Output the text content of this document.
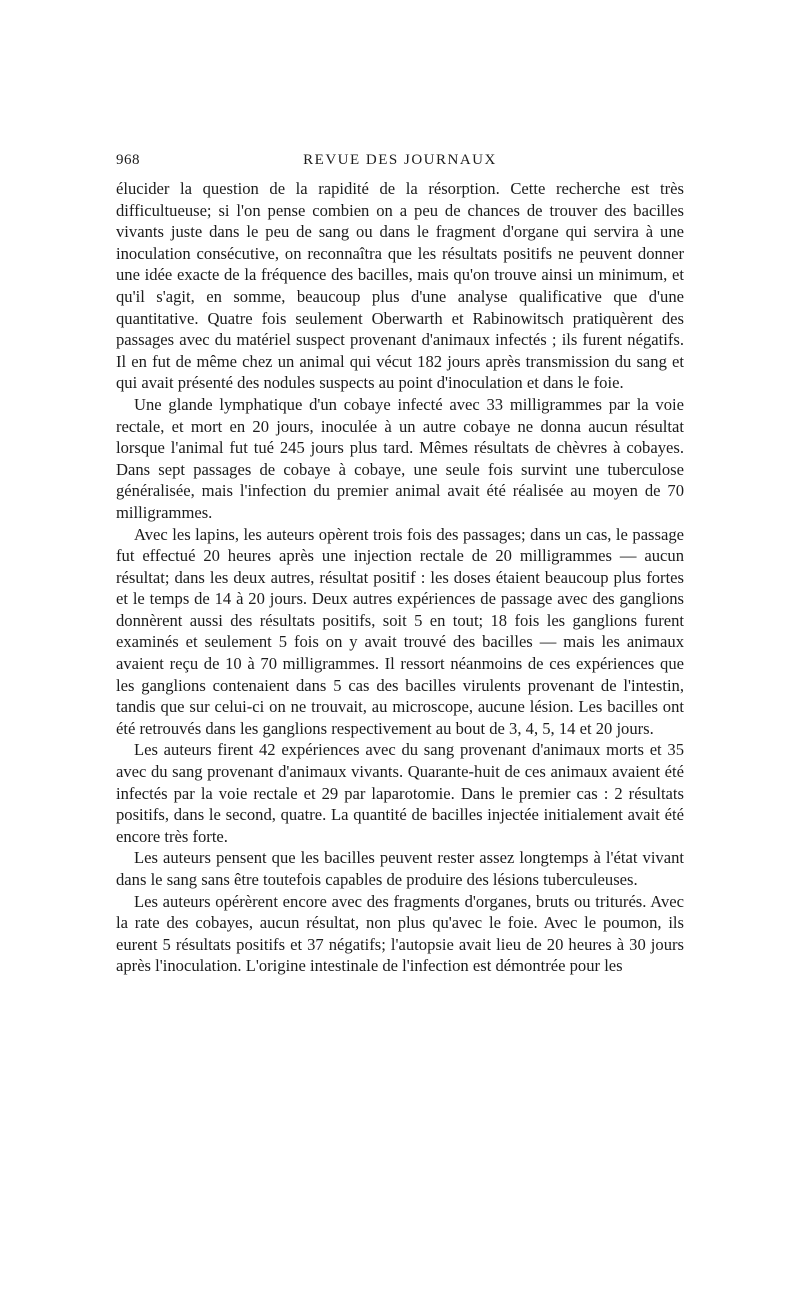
968	REVUE DES JOURNAUX

élucider la question de la rapidité de la résorption. Cette recherche est très difficultueuse; si l'on pense combien on a peu de chances de trouver des bacilles vivants juste dans le peu de sang ou dans le fragment d'organe qui servira à une inoculation consécutive, on reconnaîtra que les résultats positifs ne peuvent donner une idée exacte de la fréquence des bacilles, mais qu'on trouve ainsi un minimum, et qu'il s'agit, en somme, beaucoup plus d'une analyse qualificative que d'une quantitative. Quatre fois seulement Oberwarth et Rabinowitsch pratiquèrent des passages avec du matériel suspect provenant d'animaux infectés ; ils furent négatifs. Il en fut de même chez un animal qui vécut 182 jours après transmission du sang et qui avait présenté des nodules suspects au point d'inoculation et dans le foie.

Une glande lymphatique d'un cobaye infecté avec 33 milligrammes par la voie rectale, et mort en 20 jours, inoculée à un autre cobaye ne donna aucun résultat lorsque l'animal fut tué 245 jours plus tard. Mêmes résultats de chèvres à cobayes. Dans sept passages de cobaye à cobaye, une seule fois survint une tuberculose généralisée, mais l'infection du premier animal avait été réalisée au moyen de 70 milligrammes.

Avec les lapins, les auteurs opèrent trois fois des passages; dans un cas, le passage fut effectué 20 heures après une injection rectale de 20 milligrammes — aucun résultat; dans les deux autres, résultat positif : les doses étaient beaucoup plus fortes et le temps de 14 à 20 jours. Deux autres expériences de passage avec des ganglions donnèrent aussi des résultats positifs, soit 5 en tout; 18 fois les ganglions furent examinés et seulement 5 fois on y avait trouvé des bacilles — mais les animaux avaient reçu de 10 à 70 milligrammes. Il ressort néanmoins de ces expériences que les ganglions contenaient dans 5 cas des bacilles virulents provenant de l'intestin, tandis que sur celui-ci on ne trouvait, au microscope, aucune lésion. Les bacilles ont été retrouvés dans les ganglions respectivement au bout de 3, 4, 5, 14 et 20 jours.

Les auteurs firent 42 expériences avec du sang provenant d'animaux morts et 35 avec du sang provenant d'animaux vivants. Quarante-huit de ces animaux avaient été infectés par la voie rectale et 29 par laparotomie. Dans le premier cas : 2 résultats positifs, dans le second, quatre. La quantité de bacilles injectée initialement avait été encore très forte.

Les auteurs pensent que les bacilles peuvent rester assez longtemps à l'état vivant dans le sang sans être toutefois capables de produire des lésions tuberculeuses.

Les auteurs opérèrent encore avec des fragments d'organes, bruts ou triturés. Avec la rate des cobayes, aucun résultat, non plus qu'avec le foie. Avec le poumon, ils eurent 5 résultats positifs et 37 négatifs; l'autopsie avait lieu de 20 heures à 30 jours après l'inoculation. L'origine intestinale de l'infection est démontrée pour les
